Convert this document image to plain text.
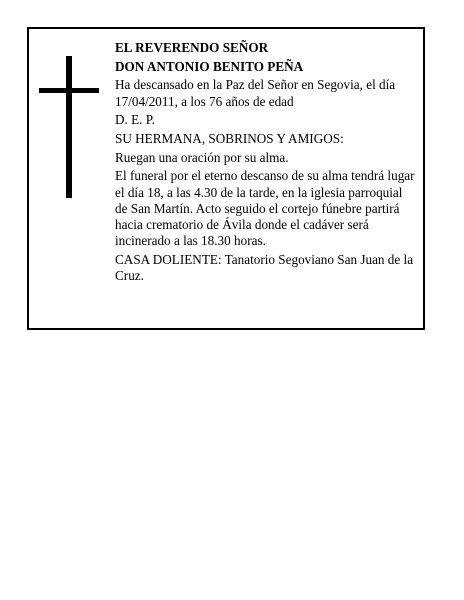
EL REVERENDO SEÑOR

DON ANTONIO BENITO PEÑA

Ha descansado en la Paz del Señor en Segovia, el día 17/04/2011, a los 76 años de edad

D. E. P.

SU HERMANA, SOBRINOS Y AMIGOS:

Ruegan una oración por su alma.

El funeral por el eterno descanso de su alma tendrá lugar el día 18, a las 4.30 de la tarde, en la iglesia parroquial de San Martín. Acto seguido el cortejo fúnebre partirá hacia crematorio de Ávila donde el cadáver será incinerado a las 18.30 horas.

CASA DOLIENTE: Tanatorio Segoviano San Juan de la Cruz.
